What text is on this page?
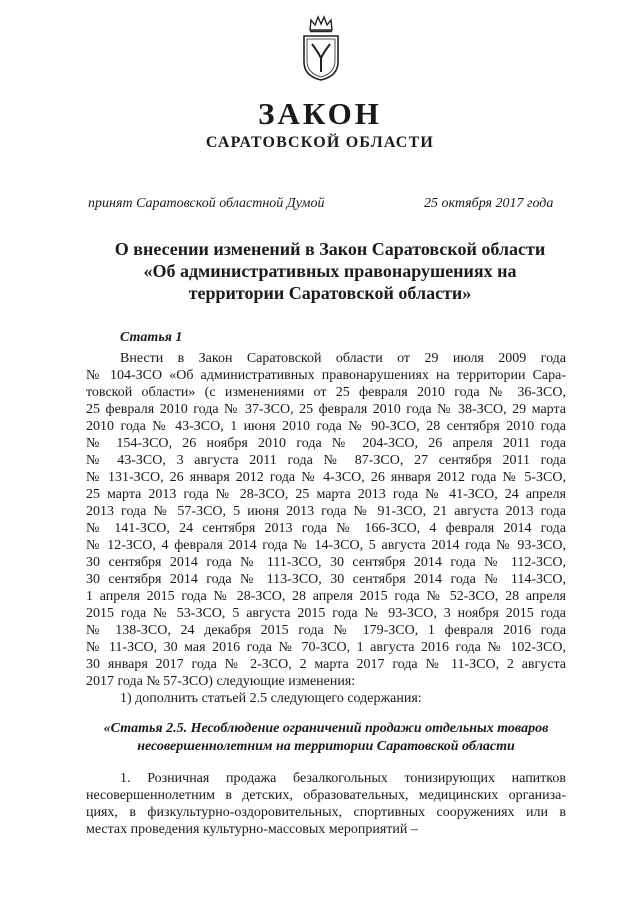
ЗАКОН
САРАТОВСКОЙ ОБЛАСТИ
принят Саратовской областной Думой	25 октября 2017 года
О внесении изменений в Закон Саратовской области
«Об административных правонарушениях на
территории Саратовской области»
Статья 1
Внести в Закон Саратовской области от 29 июля 2009 года
№ 104-ЗСО «Об административных правонарушениях на территории Сара-
товской области» (с изменениями от 25 февраля 2010 года № 36-ЗСО,
25 февраля 2010 года № 37-ЗСО, 25 февраля 2010 года № 38-ЗСО, 29 марта
2010 года № 43-ЗСО, 1 июня 2010 года № 90-ЗСО, 28 сентября 2010 года
№ 154-ЗСО, 26 ноября 2010 года № 204-ЗСО, 26 апреля 2011 года
№ 43-ЗСО, 3 августа 2011 года № 87-ЗСО, 27 сентября 2011 года
№ 131-ЗСО, 26 января 2012 года № 4-ЗСО, 26 января 2012 года № 5-ЗСО,
25 марта 2013 года № 28-ЗСО, 25 марта 2013 года № 41-ЗСО, 24 апреля
2013 года № 57-ЗСО, 5 июня 2013 года № 91-ЗСО, 21 августа 2013 года
№ 141-ЗСО, 24 сентября 2013 года № 166-ЗСО, 4 февраля 2014 года
№ 12-ЗСО, 4 февраля 2014 года № 14-ЗСО, 5 августа 2014 года № 93-ЗСО,
30 сентября 2014 года № 111-ЗСО, 30 сентября 2014 года № 112-ЗСО,
30 сентября 2014 года № 113-ЗСО, 30 сентября 2014 года № 114-ЗСО,
1 апреля 2015 года № 28-ЗСО, 28 апреля 2015 года № 52-ЗСО, 28 апреля
2015 года № 53-ЗСО, 5 августа 2015 года № 93-ЗСО, 3 ноября 2015 года
№ 138-ЗСО, 24 декабря 2015 года № 179-ЗСО, 1 февраля 2016 года
№ 11-ЗСО, 30 мая 2016 года № 70-ЗСО, 1 августа 2016 года № 102-ЗСО,
30 января 2017 года № 2-ЗСО, 2 марта 2017 года № 11-ЗСО, 2 августа
2017 года № 57-ЗСО) следующие изменения:
1) дополнить статьей 2.5 следующего содержания:
«Статья 2.5. Несоблюдение ограничений продажи отдельных товаров
несовершеннолетним на территории Саратовской области
1. Розничная продажа безалкогольных тонизирующих напитков
несовершеннолетним в детских, образовательных, медицинских организа-
циях, в физкультурно-оздоровительных, спортивных сооружениях или в
местах проведения культурно-массовых мероприятий –
